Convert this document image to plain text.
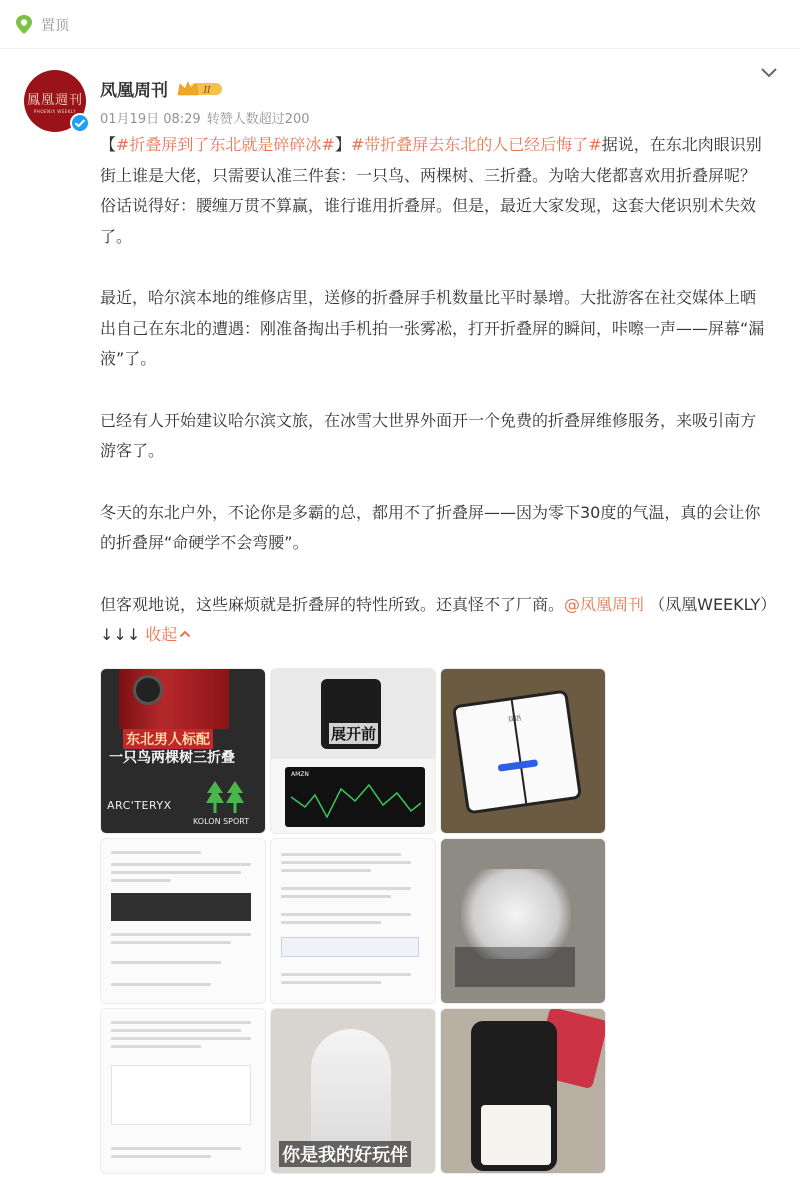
置顶
鳳凰週刊
PHOENIX WEEKLY
凤凰周刊	II
01月19日 08:29 转赞人数超过200

【#折叠屏到了东北就是碎碎冰#】#带折叠屏去东北的人已经后悔了#据说，在东北肉眼识别街上谁是大佬，只需要认准三件套：一只鸟、两棵树、三折叠。为啥大佬都喜欢用折叠屏呢？俗话说得好：腰缠万贯不算赢，谁行谁用折叠屏。但是，最近大家发现，这套大佬识别术失效了。

最近，哈尔滨本地的维修店里，送修的折叠屏手机数量比平时暴增。大批游客在社交媒体上晒出自己在东北的遭遇：刚准备掏出手机拍一张雾凇，打开折叠屏的瞬间，咔嚓一声——屏幕“漏液”了。

已经有人开始建议哈尔滨文旅，在冰雪大世界外面开一个免费的折叠屏维修服务，来吸引南方游客了。

冬天的东北户外，不论你是多霸的总，都用不了折叠屏——因为零下30度的气温，真的会让你的折叠屏“命硬学不会弯腰”。

但客观地说，这些麻烦就是折叠屏的特性所致。还真怪不了厂商。@凤凰周刊 （凤凰WEEKLY）↓↓↓ 收起

东北男人标配
一只鸟两棵树三折叠
ARC'TERYX
KOLON SPORT
展开前
AMZN
双语
你是我的好玩伴
